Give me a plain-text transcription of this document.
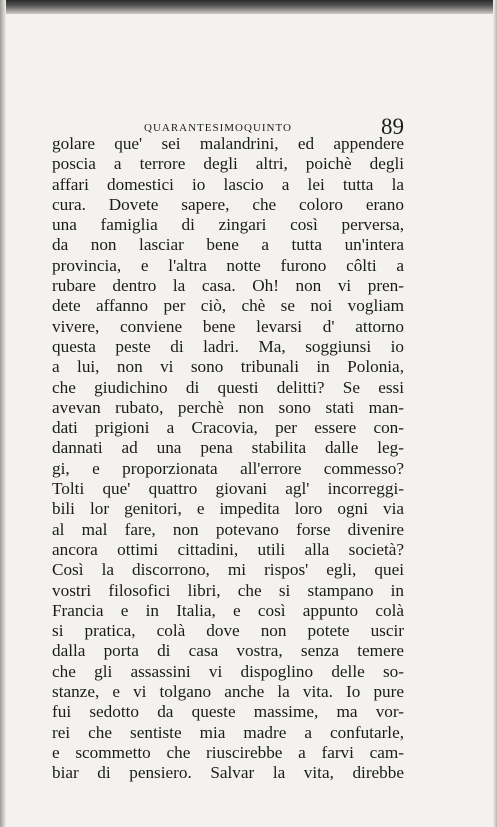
QUARANTESIMOQUINTO	89
golare que' sei malandrini, ed appendere
poscia a terrore degli altri, poichè degli
affari domestici io lascio a lei tutta la
cura. Dovete sapere, che coloro erano
una famiglia di zingari così perversa,
da non lasciar bene a tutta un'intera
provincia, e l'altra notte furono côlti a
rubare dentro la casa. Oh! non vi pren-
dete affanno per ciò, chè se noi vogliam
vivere, conviene bene levarsi d' attorno
questa peste di ladri. Ma, soggiunsi io
a lui, non vi sono tribunali in Polonia,
che giudichino di questi delitti? Se essi
avevan rubato, perchè non sono stati man-
dati prigioni a Cracovia, per essere con-
dannati ad una pena stabilita dalle leg-
gi, e proporzionata all'errore commesso?
Tolti que' quattro giovani agl' incorreggi-
bili lor genitori, e impedita loro ogni via
al mal fare, non potevano forse divenire
ancora ottimi cittadini, utili alla società?
Così la discorrono, mi rispos' egli, quei
vostri filosofici libri, che si stampano in
Francia e in Italia, e così appunto colà
si pratica, colà dove non potete uscir
dalla porta di casa vostra, senza temere
che gli assassini vi dispoglino delle so-
stanze, e vi tolgano anche la vita. Io pure
fui sedotto da queste massime, ma vor-
rei che sentiste mia madre a confutarle,
e scommetto che riuscirebbe a farvi cam-
biar di pensiero. Salvar la vita, direbbe
